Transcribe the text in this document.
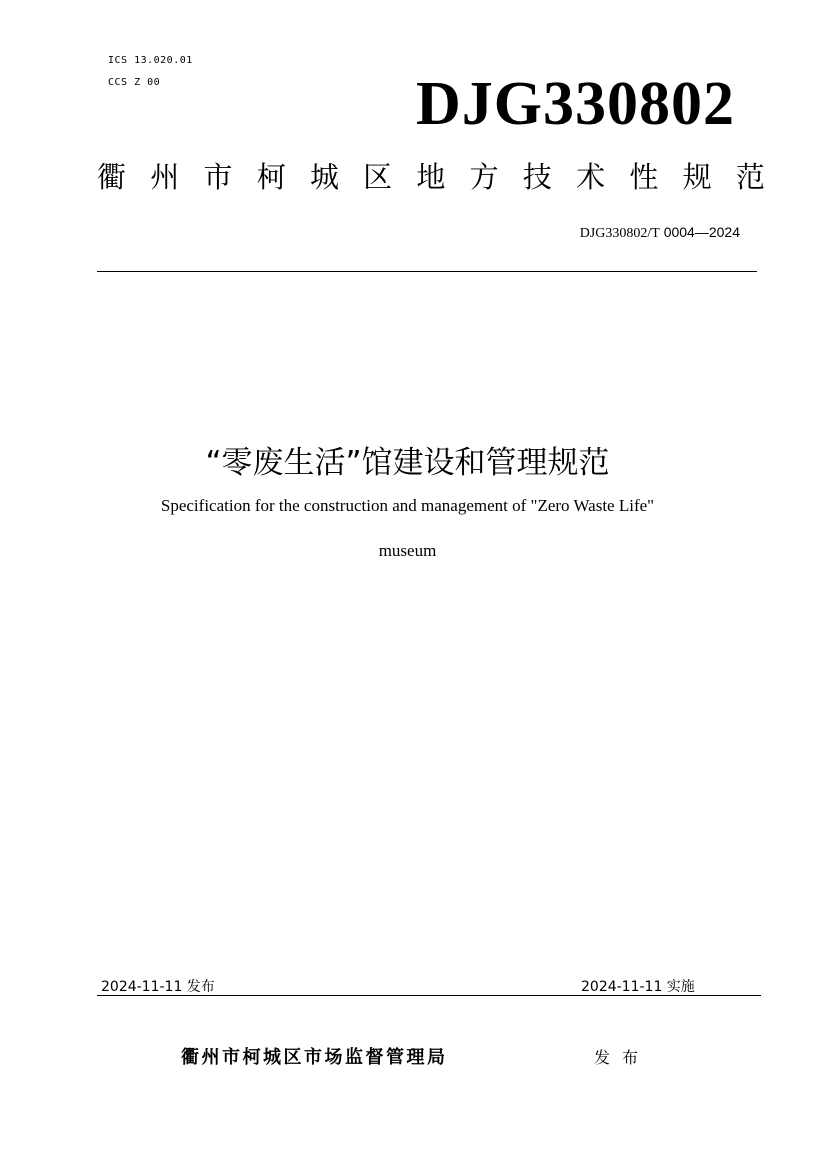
ICS 13.020.01
CCS Z 00	DJG330802
衢 州 市 柯 城 区 地 方 技 术 性 规 范
DJG330802/T 0004—2024
“零废生活”馆建设和管理规范
Specification for the construction and management of "Zero Waste Life"
museum
2024-11-11 发布	2024-11-11 实施
衢州市柯城区市场监督管理局	发布
